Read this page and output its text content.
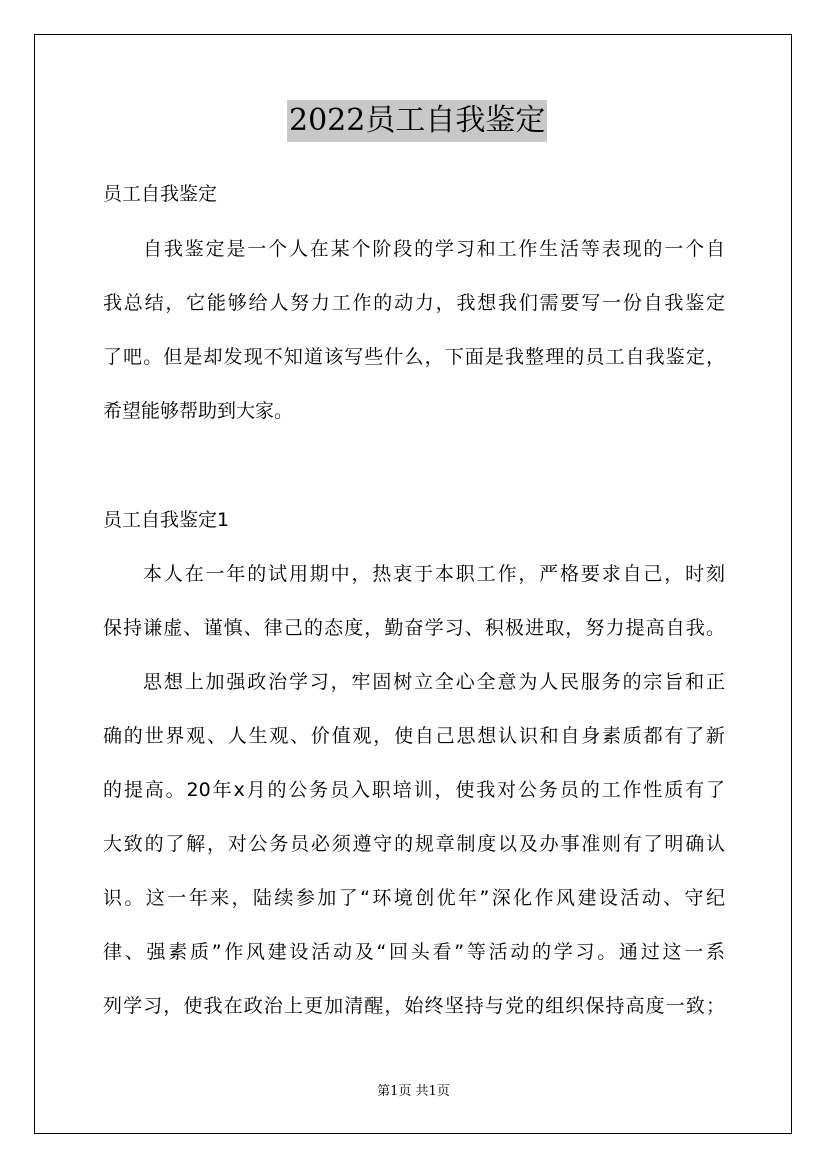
2022员工自我鉴定
员工自我鉴定
自我鉴定是一个人在某个阶段的学习和工作生活等表现的一个自
我总结，它能够给人努力工作的动力，我想我们需要写一份自我鉴定
了吧。但是却发现不知道该写些什么，下面是我整理的员工自我鉴定，
希望能够帮助到大家。
员工自我鉴定1
本人在一年的试用期中，热衷于本职工作，严格要求自己，时刻
保持谦虚、谨慎、律己的态度，勤奋学习、积极进取，努力提高自我。
思想上加强政治学习，牢固树立全心全意为人民服务的宗旨和正
确的世界观、人生观、价值观，使自己思想认识和自身素质都有了新
的提高。20年x月的公务员入职培训，使我对公务员的工作性质有了
大致的了解，对公务员必须遵守的规章制度以及办事准则有了明确认
识。这一年来，陆续参加了“环境创优年”深化作风建设活动、守纪
律、强素质”作风建设活动及“回头看”等活动的学习。通过这一系
列学习，使我在政治上更加清醒，始终坚持与党的组织保持高度一致；
第1页 共1页
